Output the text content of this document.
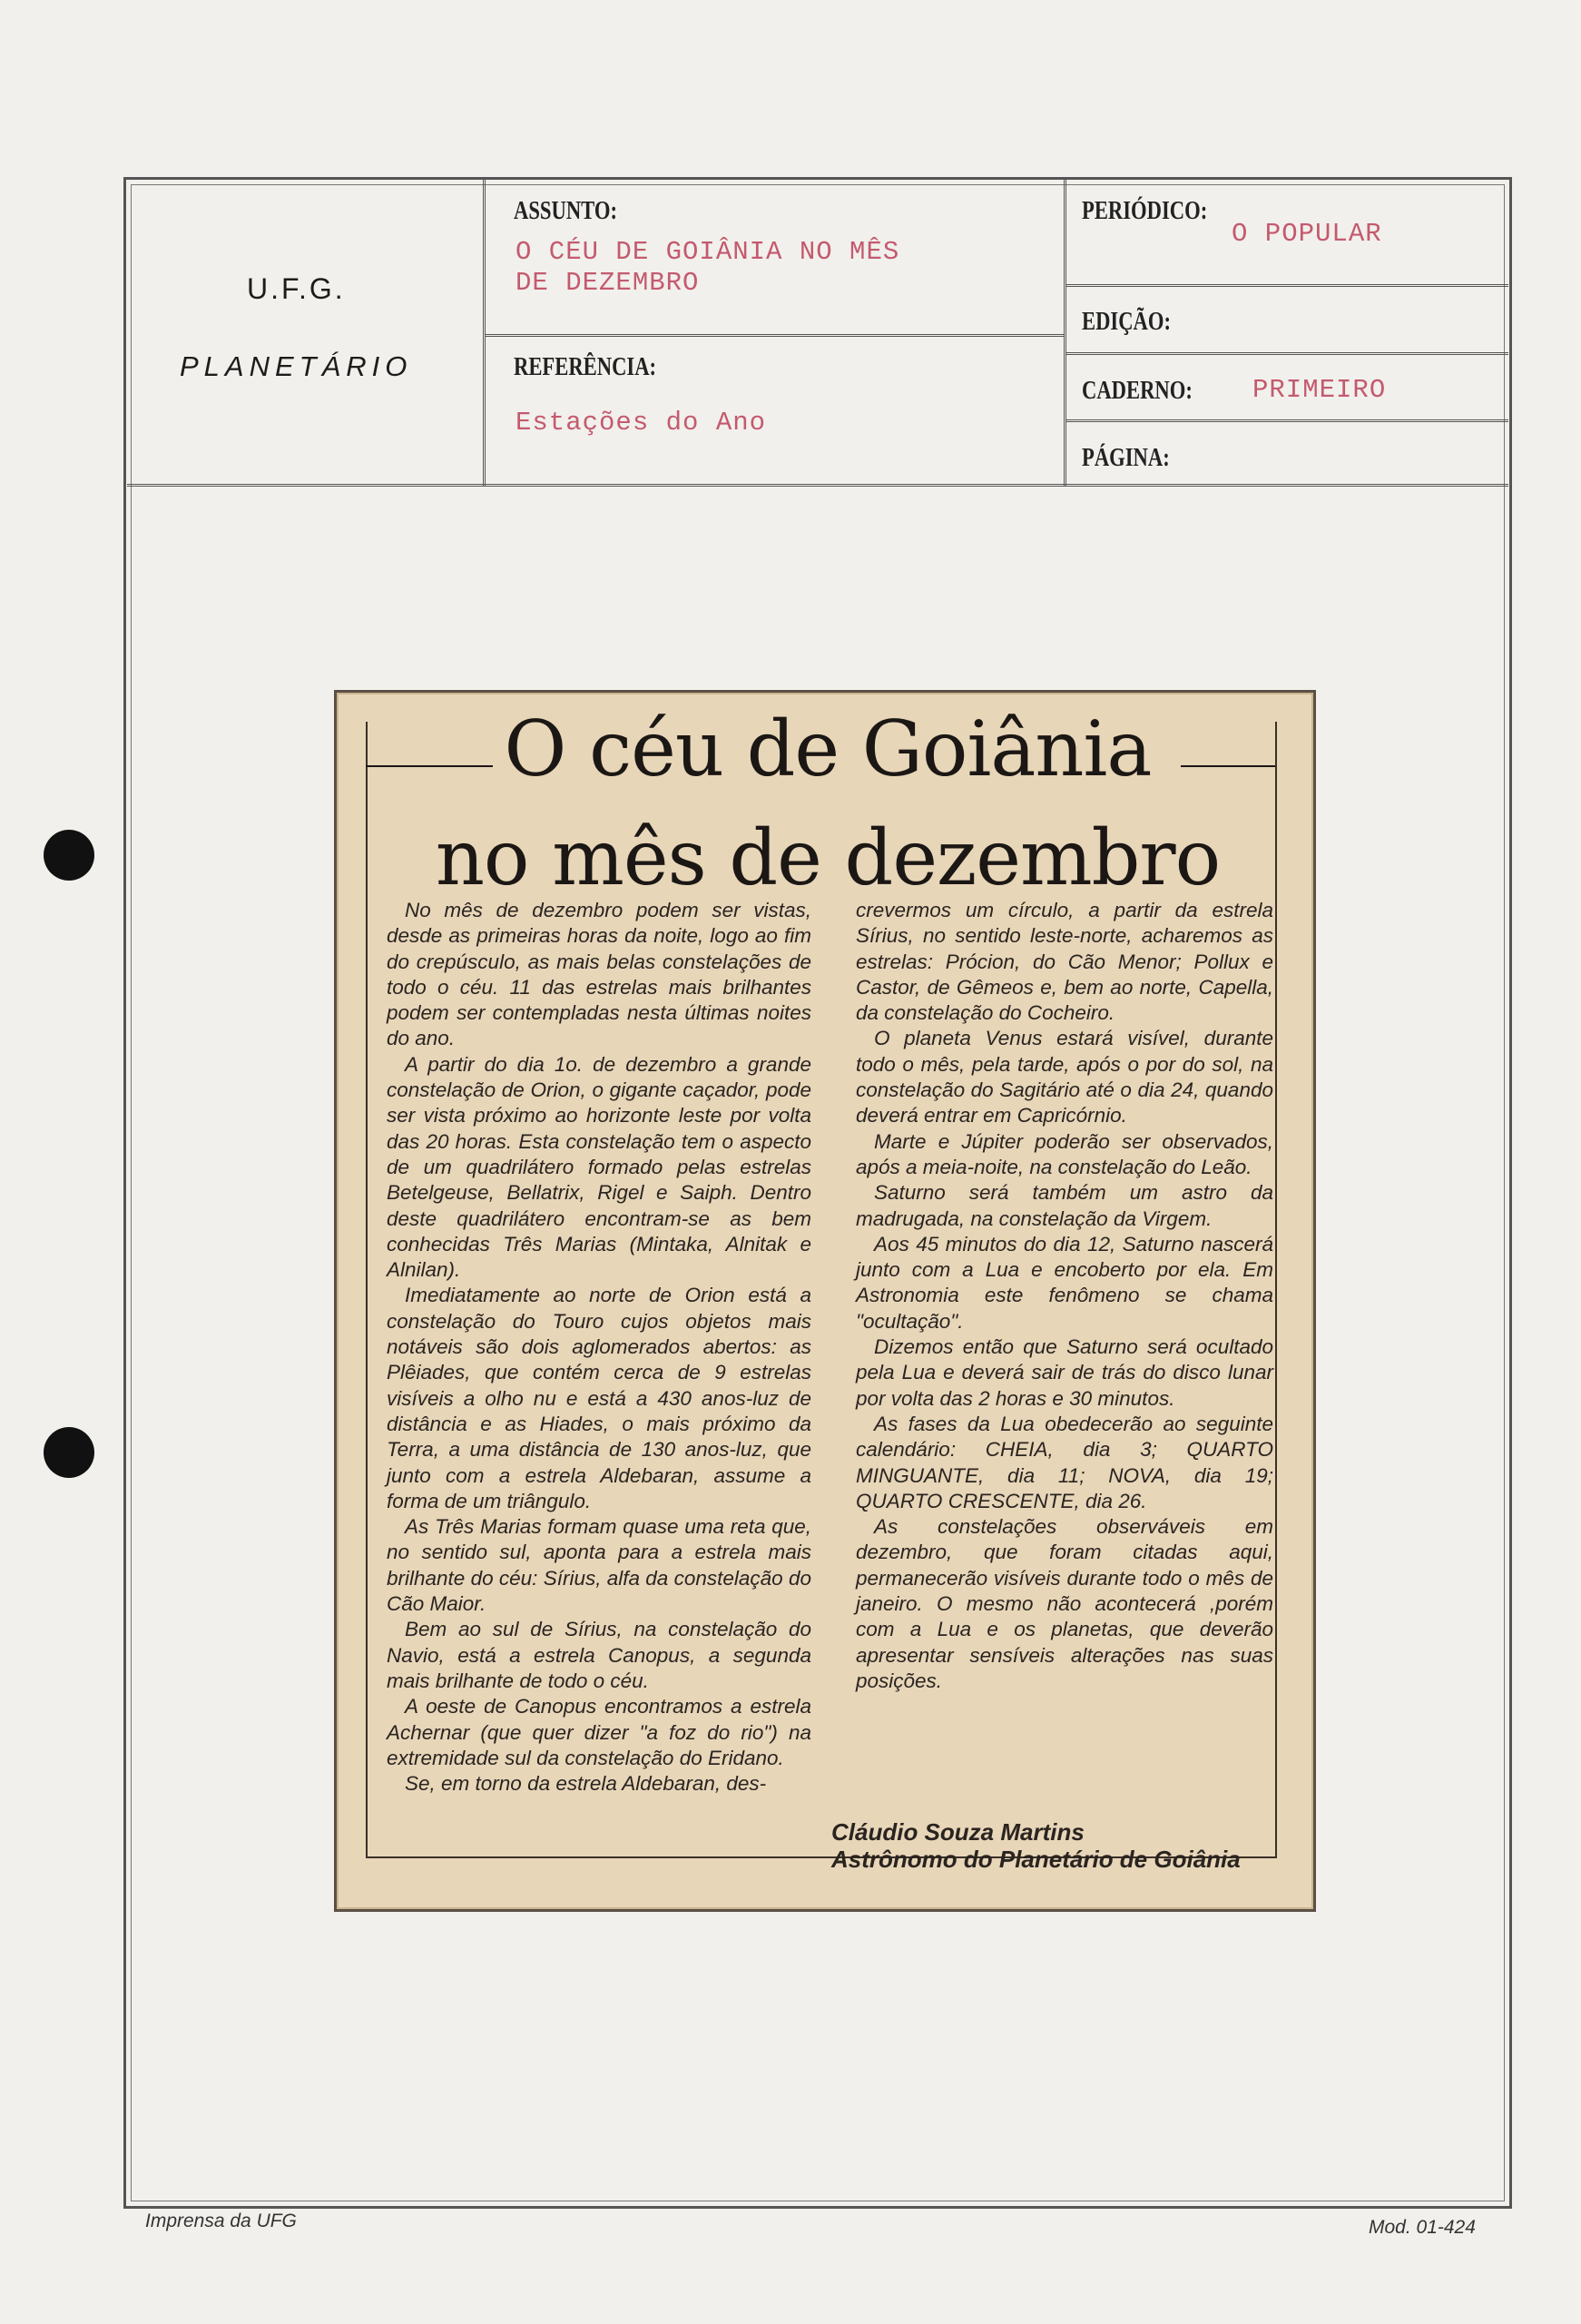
U.F.G.
PLANETÁRIO
ASSUNTO:
O CÉU DE GOIÂNIA NO MÊS
DE DEZEMBRO
REFERÊNCIA:
Estações do Ano
PERIÓDICO:
O POPULAR
EDIÇÃO:
CADERNO: PRIMEIRO
PÁGINA:
O céu de Goiânia
no mês de dezembro

No mês de dezembro podem ser vistas, desde as primeiras horas da noite, logo ao fim do crepúsculo, as mais belas constelações de todo o céu. 11 das estrelas mais brilhantes podem ser contempladas nesta últimas noites do ano.

A partir do dia 1o. de dezembro a grande constelação de Orion, o gigante caçador, pode ser vista próximo ao horizonte leste por volta das 20 horas. Esta constelação tem o aspecto de um quadrilátero formado pelas estrelas Betelgeuse, Bellatrix, Rigel e Saiph. Dentro deste quadrilátero encontram-se as bem conhecidas Três Marias (Mintaka, Alnitak e Alnilan).

Imediatamente ao norte de Orion está a constelação do Touro cujos objetos mais notáveis são dois aglomerados abertos: as Plêiades, que contém cerca de 9 estrelas visíveis a olho nu e está a 430 anos-luz de distância e as Hiades, o mais próximo da Terra, a uma distância de 130 anos-luz, que junto com a estrela Aldebaran, assume a forma de um triângulo.

As Três Marias formam quase uma reta que, no sentido sul, aponta para a estrela mais brilhante do céu: Sírius, alfa da constelação do Cão Maior.

Bem ao sul de Sírius, na constelação do Navio, está a estrela Canopus, a segunda mais brilhante de todo o céu.

A oeste de Canopus encontramos a estrela Achernar (que quer dizer "a foz do rio") na extremidade sul da constelação do Eridano.

Se, em torno da estrela Aldebaran, des-

crevermos um círculo, a partir da estrela Sírius, no sentido leste-norte, acharemos as estrelas: Prócion, do Cão Menor; Pollux e Castor, de Gêmeos e, bem ao norte, Capella, da constelação do Cocheiro.

O planeta Venus estará visível, durante todo o mês, pela tarde, após o por do sol, na constelação do Sagitário até o dia 24, quando deverá entrar em Capricórnio.

Marte e Júpiter poderão ser observados, após a meia-noite, na constelação do Leão.

Saturno será também um astro da madrugada, na constelação da Virgem.

Aos 45 minutos do dia 12, Saturno nascerá junto com a Lua e encoberto por ela. Em Astronomia este fenômeno se chama "ocultação".

Dizemos então que Saturno será ocultado pela Lua e deverá sair de trás do disco lunar por volta das 2 horas e 30 minutos.

As fases da Lua obedecerão ao seguinte calendário: CHEIA, dia 3; QUARTO MINGUANTE, dia 11; NOVA, dia 19; QUARTO CRESCENTE, dia 26.

As constelações observáveis em dezembro, que foram citadas aqui, permanecerão visíveis durante todo o mês de janeiro. O mesmo não acontecerá ,porém com a Lua e os planetas, que deverão apresentar sensíveis alterações nas suas posições.

Cláudio Souza Martins
Astrônomo do Planetário de Goiânia
Imprensa da UFG	Mod. 01-424
